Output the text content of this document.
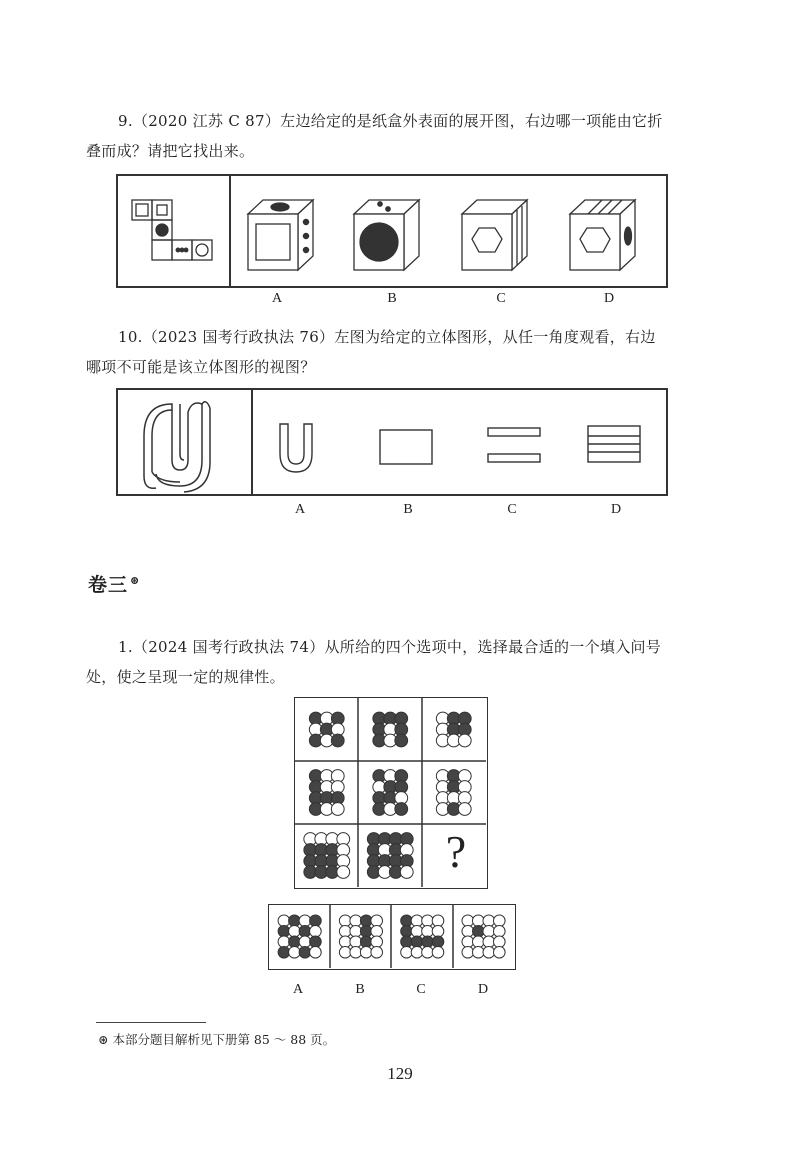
9.（2020 江苏 C 87）左边给定的是纸盒外表面的展开图，右边哪一项能由它折
叠而成？请把它找出来。
A	B	C	D
10.（2023 国考行政执法 76）左图为给定的立体图形，从任一角度观看，右边
哪项不可能是该立体图形的视图？
A	B	C	D
卷三 ⊛
1.（2024 国考行政执法 74）从所给的四个选项中，选择最合适的一个填入问号
处，使之呈现一定的规律性。
?
A	B	C	D
⊛ 本部分题目解析见下册第 85 ～ 88 页。
129
